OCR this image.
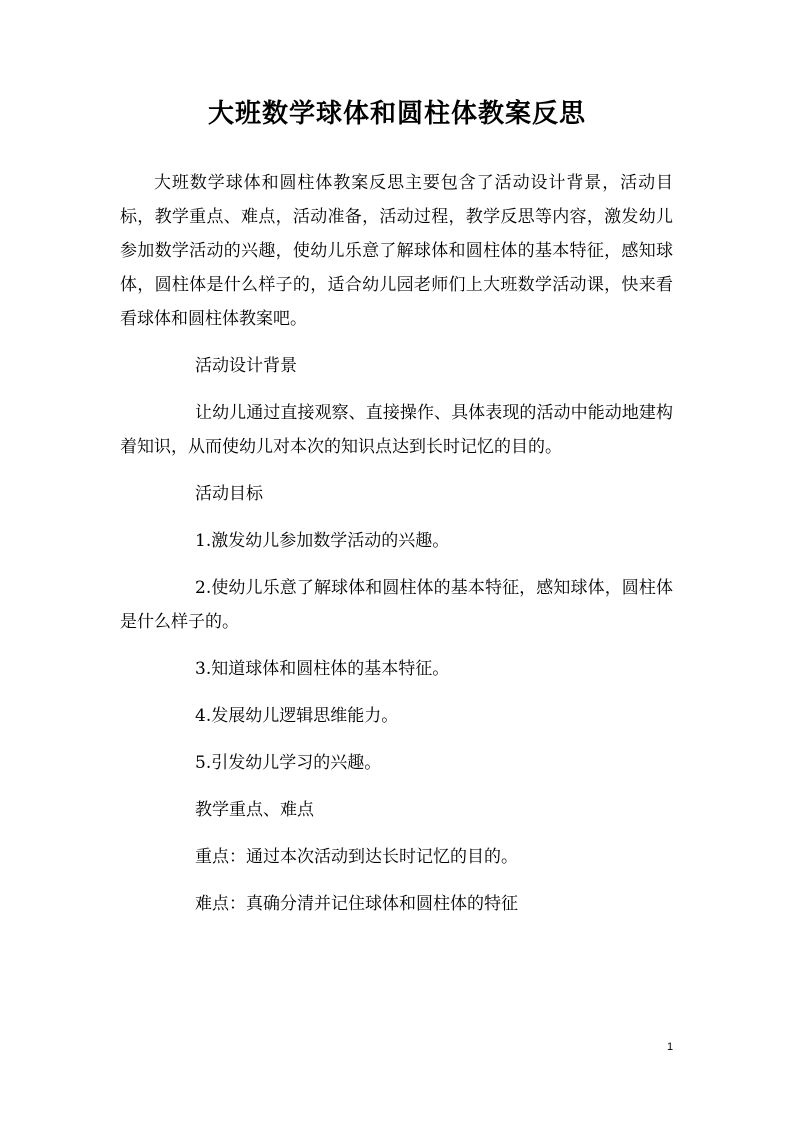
大班数学球体和圆柱体教案反思

大班数学球体和圆柱体教案反思主要包含了活动设计背景，活动目标，教学重点、难点，活动准备，活动过程，教学反思等内容，激发幼儿参加数学活动的兴趣，使幼儿乐意了解球体和圆柱体的基本特征，感知球体，圆柱体是什么样子的，适合幼儿园老师们上大班数学活动课，快来看看球体和圆柱体教案吧。

活动设计背景

让幼儿通过直接观察、直接操作、具体表现的活动中能动地建构着知识，从而使幼儿对本次的知识点达到长时记忆的目的。

活动目标

1.激发幼儿参加数学活动的兴趣。

2.使幼儿乐意了解球体和圆柱体的基本特征，感知球体，圆柱体是什么样子的。

3.知道球体和圆柱体的基本特征。

4.发展幼儿逻辑思维能力。

5.引发幼儿学习的兴趣。

教学重点、难点

重点：通过本次活动到达长时记忆的目的。

难点：真确分清并记住球体和圆柱体的特征

1
